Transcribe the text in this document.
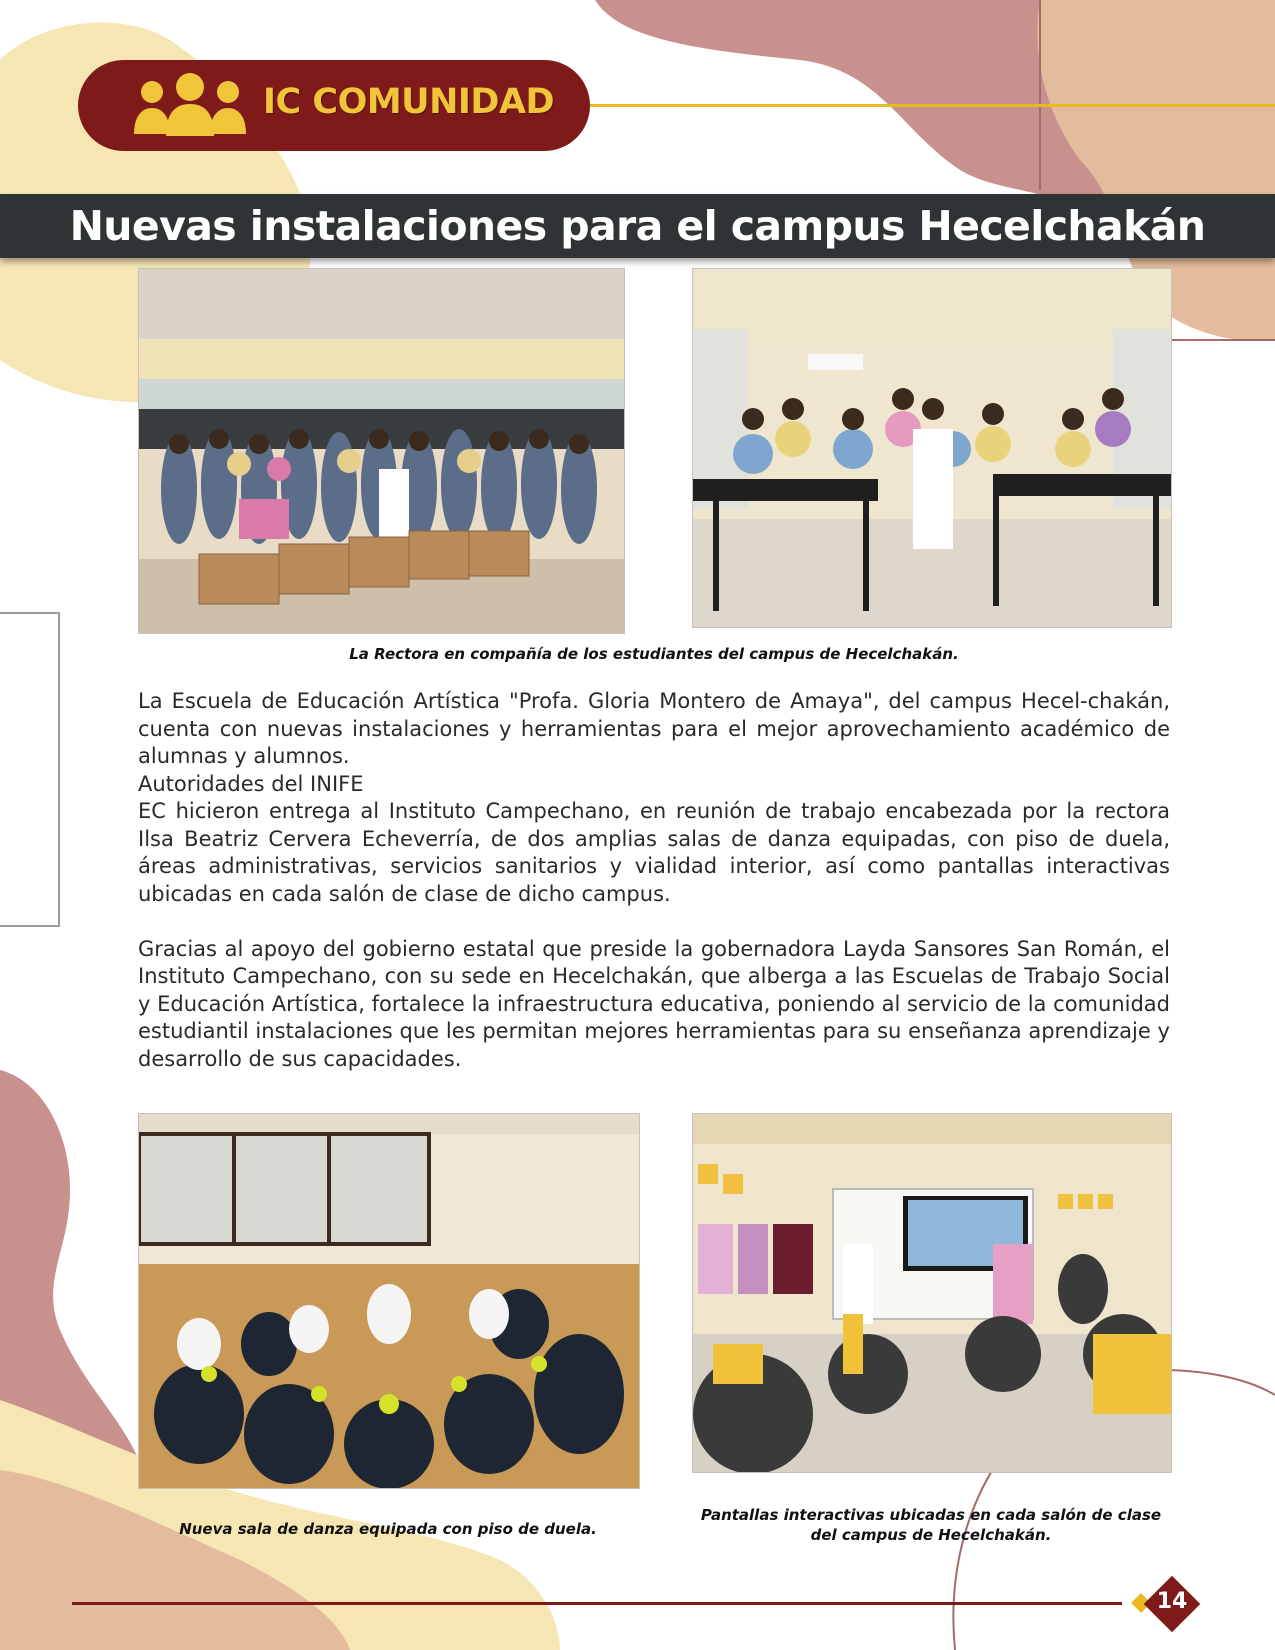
IC COMUNIDAD
Nuevas instalaciones para el campus Hecelchakán
La Rectora en compañía de los estudiantes del campus de Hecelchakán.

La Escuela de Educación Artística "Profa. Gloria Montero de Amaya", del campus Hecel-chakán, cuenta con nuevas instalaciones y herramientas para el mejor aprovechamiento académico de alumnas y alumnos.

Autoridades del INIFE

EC hicieron entrega al Instituto Campechano, en reunión de trabajo encabezada por la rectora Ilsa Beatriz Cervera Echeverría, de dos amplias salas de danza equipadas, con piso de duela, áreas administrativas, servicios sanitarios y vialidad interior, así como pantallas interactivas ubicadas en cada salón de clase de dicho campus.

Gracias al apoyo del gobierno estatal que preside la gobernadora Layda Sansores San Román, el Instituto Campechano, con su sede en Hecelchakán, que alberga a las Escuelas de Trabajo Social y Educación Artística, fortalece la infraestructura educativa, poniendo al servicio de la comunidad estudiantil instalaciones que les permitan mejores herramientas para su enseñanza aprendizaje y desarrollo de sus capacidades.

Nueva sala de danza equipada con piso de duela.
Pantallas interactivas ubicadas en cada salón de clase
del campus de Hecelchakán.
14
